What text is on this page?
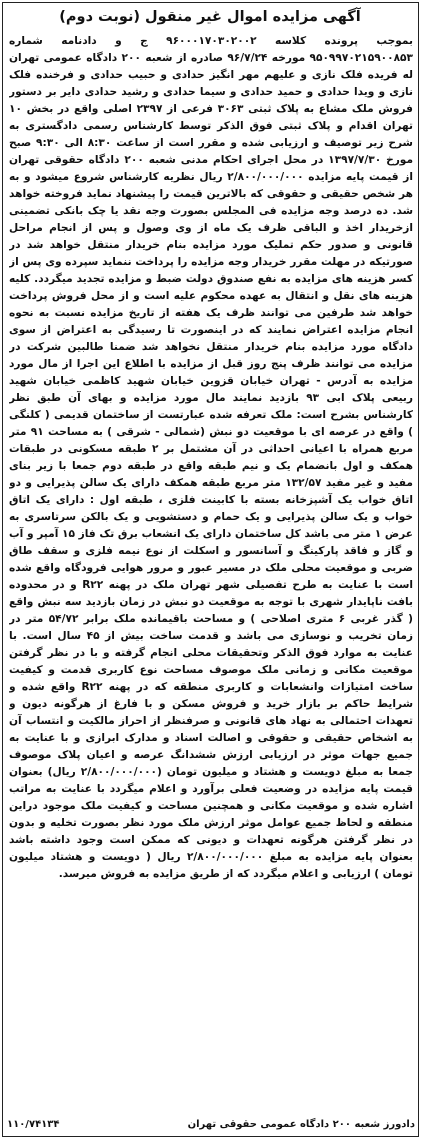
آگهی مزایده اموال غیر منقول (نوبت دوم)
بموجب پرونده کلاسه ۹۶۰۰۰۱۷۰۳۰۲۰۰۲ ج و دادنامه شماره ۹۵۰۹۹۷۰۲۱۵۹۰۰۸۵۳ مورخه ۹۶/۷/۲۴ صادره از شعبه ۲۰۰ دادگاه عمومی تهران له فریده فلک نازی و علیهم مهر انگیز حدادی و حبیب حدادی و فرخنده فلک نازی و ویدا حدادی و حمید حدادی و سیما حدادی و رشید حدادی دایر بر دستور فروش ملک مشاع به پلاک ثبتی ۳۰۶۳ فرعی از ۲۳۹۷ اصلی واقع در بخش ۱۰ تهران اقدام و پلاک ثبتی فوق الذکر توسط کارشناس رسمی دادگستری به شرح زیر توصیف و ارزیابی شده و مقرر است از ساعت ۸:۳۰ الی ۹:۳۰ صبح مورخ ۱۳۹۷/۷/۳۰ در محل اجرای احکام مدنی شعبه ۲۰۰ دادگاه حقوقی تهران از قیمت پایه مزایده ۲/۸۰۰/۰۰۰/۰۰۰ ریال نظریه کارشناس شروع میشود و به هر شخص حقیقی و حقوقی که بالاترین قیمت را پیشنهاد نماید فروخته خواهد شد. ده درصد وجه مزایده فی المجلس بصورت وجه نقد یا چک بانکی تضمینی ازخریدار اخذ و الباقی ظرف یک ماه از وی وصول و پس از انجام مراحل قانونی و صدور حکم تملیک مورد مزایده بنام خریدار منتقل خواهد شد در صورتیکه در مهلت مقرر خریدار وجه مزایده را پرداخت ننماید سپرده وی پس از کسر هزینه های مزایده به نفع صندوق دولت ضبط و مزایده تجدید میگردد. کلیه هزینه های نقل و انتقال به عهده محکوم علیه است و از محل فروش پرداخت خواهد شد طرفین می توانند ظرف یک هفته از تاریخ مزایده نسبت به نحوه انجام مزایده اعتراض نمایند که در اینصورت تا رسیدگی به اعتراض از سوی دادگاه مورد مزایده بنام خریدار منتقل نخواهد شد ضمنا طالبین شرکت در مزایده می توانند ظرف پنج روز قبل از مزایده با اطلاع این اجرا از مال مورد مزایده به آدرس - تهران خیابان قزوین خیابان شهید کاظمی خیابان شهید ربیعی پلاک ابی ۹۳ بازدید نمایند مال مورد مزایده و بهای آن طبق نظر کارشناس بشرح است: ملک تعرفه شده عبارتست از ساختمان قدیمی ( کلنگی ) واقع در عرصه ای با موقعیت دو نبش (شمالی - شرقی ) به مساحت ۹۱ متر مربع همراه با اعیانی احداثی در آن مشتمل بر ۲ طبقه مسکونی در طبقات همکف و اول بانضمام یک و نیم طبقه واقع در طبقه دوم جمعا با زیر بنای مفید و غیر مفید ۱۳۲/۵۷ متر مربع طبقه همکف دارای یک سالن پذیرایی و دو اتاق خواب یک آشپزخانه بسته با کابینت فلزی ، طبقه اول : دارای یک اتاق خواب و یک سالن پذیرایی و یک حمام و دستشویی و یک بالکن سرتاسری به عرض ۱ متر می باشد کل ساختمان دارای یک انشعاب برق تک فاز ۱۵ آمپر و آب و گاز و فاقد پارکینگ و آسانسور و اسکلت از نوع نیمه فلزی و سقف طاق ضربی و موقعیت محلی ملک در مسیر عبور و مرور هوایی فرودگاه واقع شده است با عنایت به طرح تفصیلی شهر تهران ملک در پهنه R۲۲ و در محدوده بافت ناپایدار شهری با توجه به موقعیت دو نبش در زمان بازدید سه نبش واقع ( گذر غربی ۶ متری اصلاحی ) و مساحت باقیمانده ملک برابر ۵۴/۷۲ متر در زمان تخریب و نوسازی می باشد و قدمت ساخت بیش از ۴۵ سال است. با عنایت به موارد فوق الذکر وتحقیقات محلی انجام گرفته و با در نظر گرفتن موقعیت مکانی و زمانی ملک موصوف مساحت نوع کاربری قدمت و کیفیت ساخت امتیازات وانشعابات و کاربری منطقه که در پهنه R۲۲ واقع شده و شرایط حاکم بر بازار خرید و فروش مسکن و با فارغ از هرگونه دیون و تعهدات احتمالی به نهاد های قانونی و صرفنظر از احراز مالکیت و انتساب آن به اشخاص حقیقی و حقوقی و اصالت اسناد و مدارک ابرازی و با عنایت به جمیع جهات موثر در ارزیابی ارزش ششدانگ عرصه و اعیان پلاک موصوف جمعا به مبلغ دویست و هشتاد و میلیون تومان (۲/۸۰۰/۰۰۰/۰۰۰ ریال) بعنوان قیمت پایه مزایده در وضعیت فعلی برآورد و اعلام میگردد با عنایت به مراتب اشاره شده و موقعیت مکانی و همچنین مساحت و کیفیت ملک موجود دراین منطقه و لحاظ جمیع عوامل موثر ارزش ملک مورد نظر بصورت تخلیه و بدون در نظر گرفتن هرگونه تعهدات و دیونی که ممکن است وجود داشته باشد بعنوان پایه مزایده به مبلغ ۲/۸۰۰/۰۰۰/۰۰۰ ریال ( دویست و هشتاد میلیون تومان ) ارزیابی و اعلام میگردد که از طریق مزایده به فروش میرسد.
۱۱۰/۷۴۱۳۴	دادورز شعبه ۲۰۰ دادگاه عمومی حقوقی تهران
